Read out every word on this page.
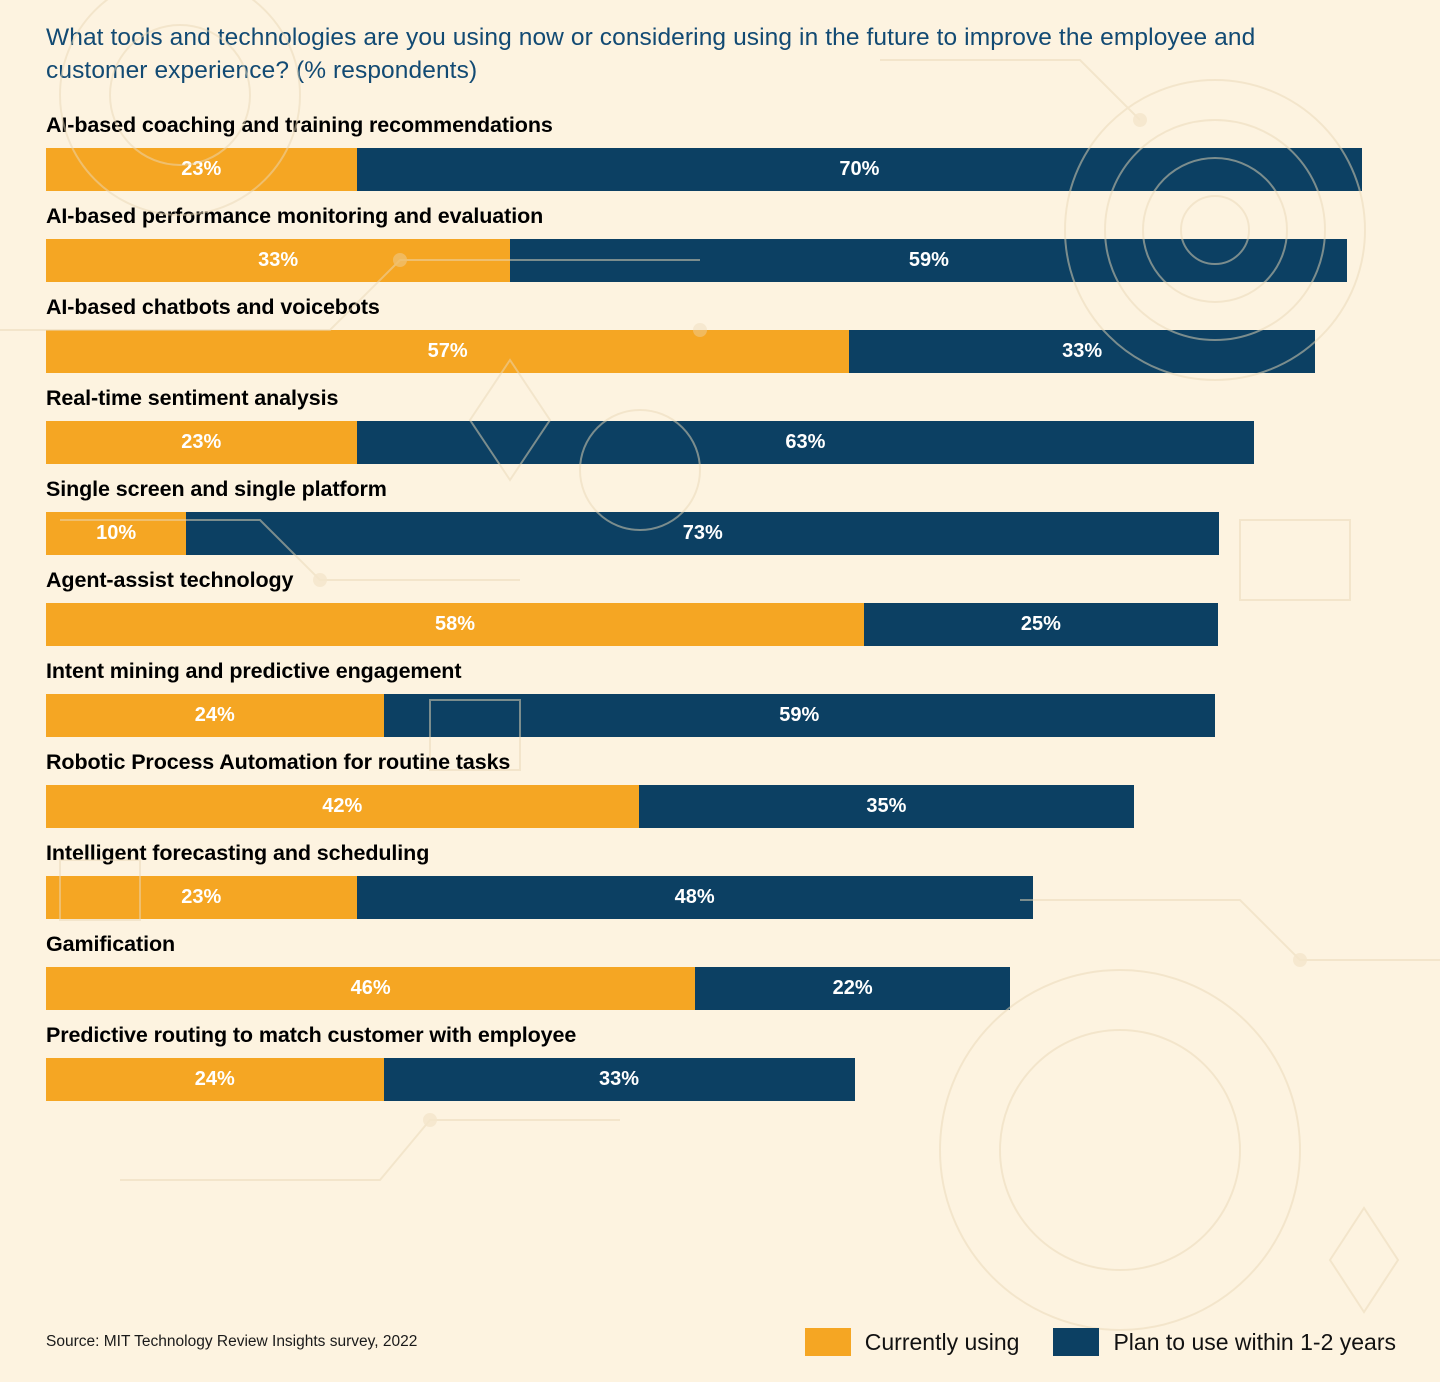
What tools and technologies are you using now or considering using in the future to improve the employee and customer experience? (% respondents)
AI-based coaching and training recommendations
23%	70%
AI-based performance monitoring and evaluation
33%	59%
AI-based chatbots and voicebots
57%	33%
Real-time sentiment analysis
23%	63%
Single screen and single platform
10%	73%
Agent-assist technology
58%	25%
Intent mining and predictive engagement
24%	59%
Robotic Process Automation for routine tasks
42%	35%
Intelligent forecasting and scheduling
23%	48%
Gamification
46%	22%
Predictive routing to match customer with employee
24%	33%
Source: MIT Technology Review Insights survey, 2022	Currently using	Plan to use within 1-2 years
